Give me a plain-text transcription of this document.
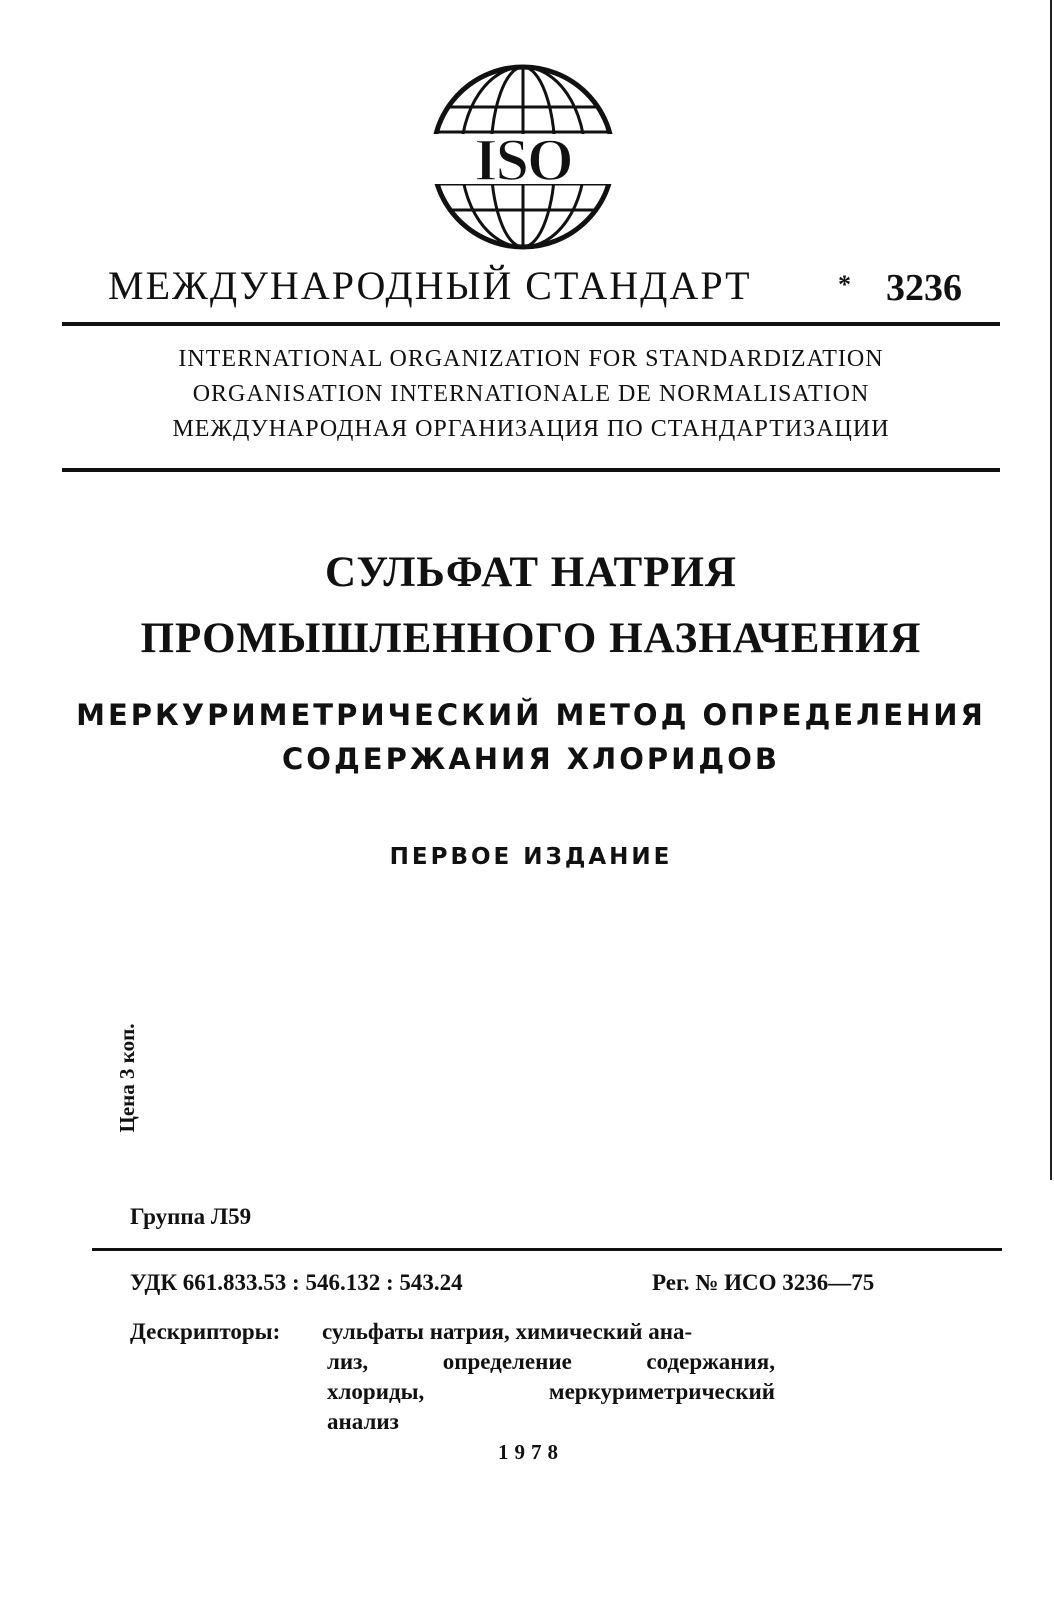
ISO
МЕЖДУНАРОДНЫЙ СТАНДАРТ	* 3236
INTERNATIONAL ORGANIZATION FOR STANDARDIZATION
ORGANISATION INTERNATIONALE DE NORMALISATION
МЕЖДУНАРОДНАЯ ОРГАНИЗАЦИЯ ПО СТАНДАРТИЗАЦИИ
СУЛЬФАТ НАТРИЯ
ПРОМЫШЛЕННОГО НАЗНАЧЕНИЯ
МЕРКУРИМЕТРИЧЕСКИЙ МЕТОД ОПРЕДЕЛЕНИЯ
СОДЕРЖАНИЯ ХЛОРИДОВ
ПЕРВОЕ ИЗДАНИЕ
Цена 3 коп.
Группа Л59
УДК 661.833.53 : 546.132 : 543.24	Рег. № ИСО 3236—75
Дескрипторы: сульфаты натрия, химический ана-
лиз, определение содержания,
хлориды, меркуриметрический
анализ
1978
